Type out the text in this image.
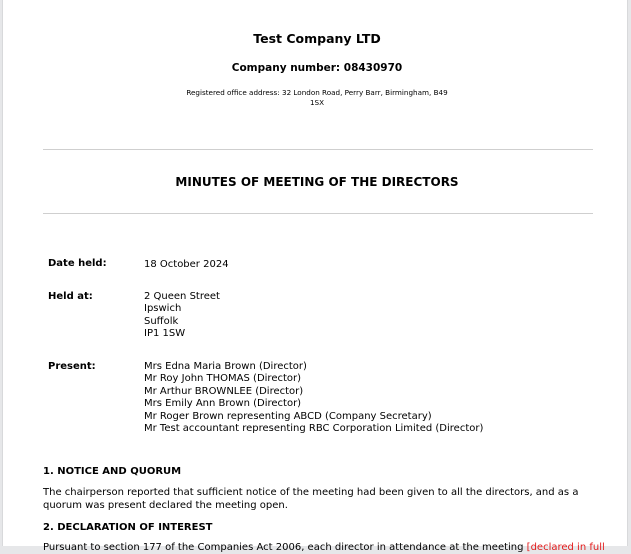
Test Company LTD
Company number: 08430970
Registered office address: 32 London Road, Perry Barr, Birmingham, B49
1SX
MINUTES OF MEETING OF THE DIRECTORS
Date held:	18 October 2024
Held at:	2 Queen Street
Ipswich
Suffolk
IP1 1SW
Present:	Mrs Edna Maria Brown (Director)
Mr Roy John THOMAS (Director)
Mr Arthur BROWNLEE (Director)
Mrs Emily Ann Brown (Director)
Mr Roger Brown representing ABCD (Company Secretary)
Mr Test accountant representing RBC Corporation Limited (Director)
1. NOTICE AND QUORUM
The chairperson reported that sufficient notice of the meeting had been given to all the directors, and as a quorum was present declared the meeting open.
2. DECLARATION OF INTEREST
Pursuant to section 177 of the Companies Act 2006, each director in attendance at the meeting [declared in full
